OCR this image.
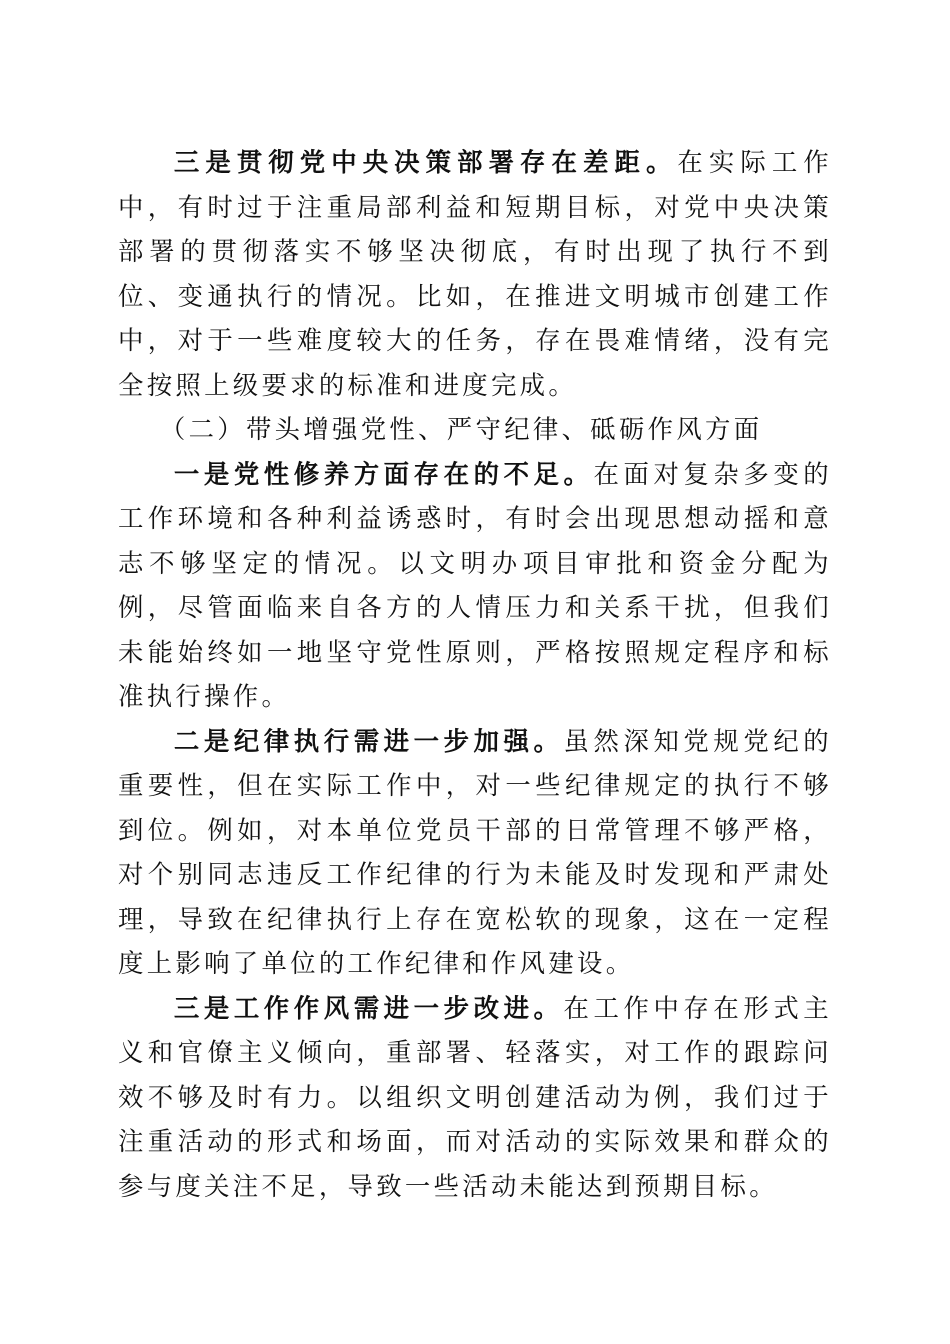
三是贯彻党中央决策部署存在差距。在实际工作中，有时过于注重局部利益和短期目标，对党中央决策部署的贯彻落实不够坚决彻底，有时出现了执行不到位、变通执行的情况。比如，在推进文明城市创建工作中，对于一些难度较大的任务，存在畏难情绪，没有完全按照上级要求的标准和进度完成。

（二）带头增强党性、严守纪律、砥砺作风方面

一是党性修养方面存在的不足。在面对复杂多变的工作环境和各种利益诱惑时，有时会出现思想动摇和意志不够坚定的情况。以文明办项目审批和资金分配为例，尽管面临来自各方的人情压力和关系干扰，但我们未能始终如一地坚守党性原则，严格按照规定程序和标准执行操作。

二是纪律执行需进一步加强。虽然深知党规党纪的重要性，但在实际工作中，对一些纪律规定的执行不够到位。例如，对本单位党员干部的日常管理不够严格，对个别同志违反工作纪律的行为未能及时发现和严肃处理，导致在纪律执行上存在宽松软的现象，这在一定程度上影响了单位的工作纪律和作风建设。

三是工作作风需进一步改进。在工作中存在形式主义和官僚主义倾向，重部署、轻落实，对工作的跟踪问效不够及时有力。以组织文明创建活动为例，我们过于注重活动的形式和场面，而对活动的实际效果和群众的参与度关注不足，导致一些活动未能达到预期目标。
